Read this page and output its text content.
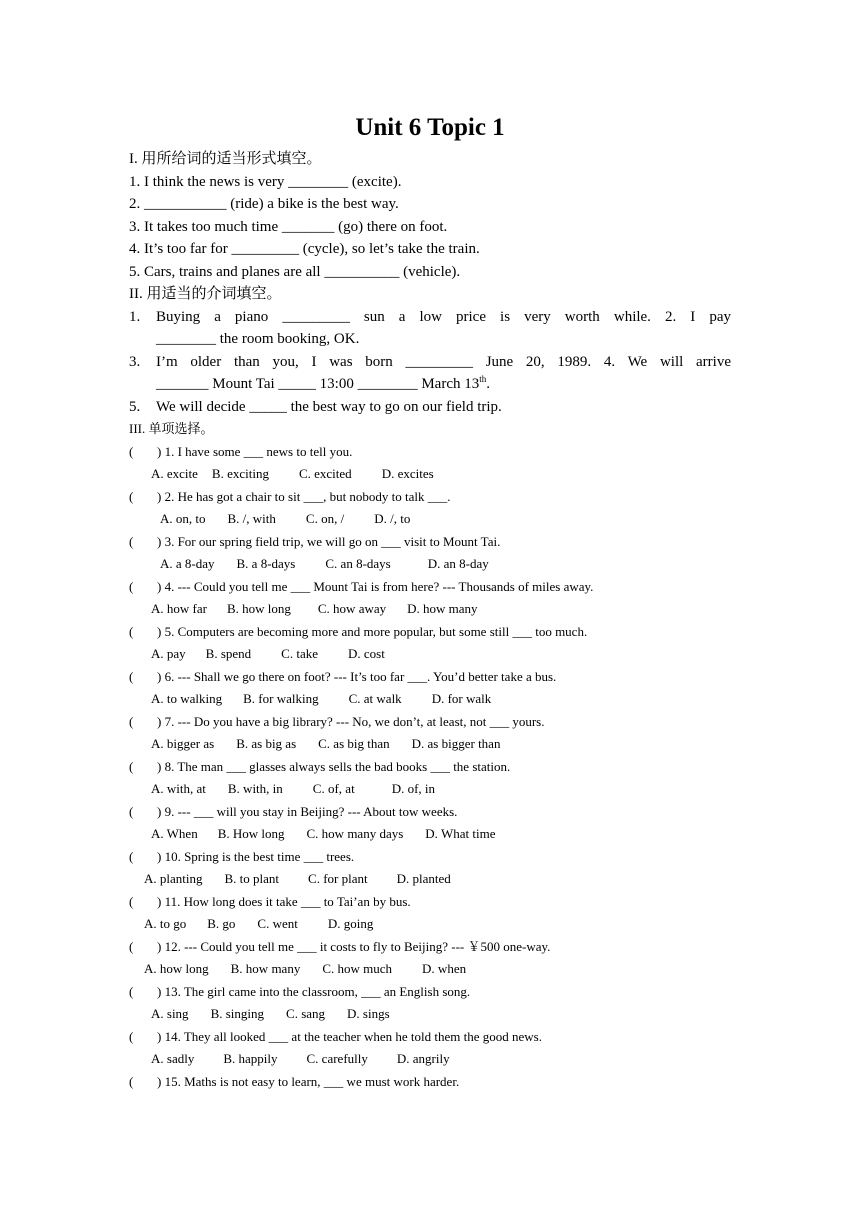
Unit 6 Topic 1
I. 用所给词的适当形式填空。
1. I think the news is very ________ (excite).
2. ___________ (ride) a bike is the best way.
3. It takes too much time _______ (go) there on foot.
4. It’s too far for _________ (cycle), so let’s take the train.
5. Cars, trains and planes are all __________ (vehicle).
II. 用适当的介词填空。
1.	Buying a piano _________ sun a low price is very worth while. 2. I pay
________ the room booking, OK.
3.	I’m older than you, I was born _________ June 20, 1989. 4. We will arrive
_______ Mount Tai _____ 13:00 ________ March 13th.
5.	We will decide _____ the best way to go on our field trip.
III. 单项选择。
( ) 1. I have some ___ news to tell you.
A. excite B. exciting C. excited D. excites
( ) 2. He has got a chair to sit ___, but nobody to talk ___.
A. on, to B. /, with C. on, / D. /, to
( ) 3. For our spring field trip, we will go on ___ visit to Mount Tai.
A. a 8-day B. a 8-days C. an 8-days	D. an 8-day
( ) 4. --- Could you tell me ___ Mount Tai is from here? --- Thousands of miles away.
A. how far B. how long C. how away D. how many
( ) 5. Computers are becoming more and more popular, but some still ___ too much.
A. pay B. spend C. take D. cost
( ) 6. --- Shall we go there on foot? --- It’s too far ___. You’d better take a bus.
A. to walking B. for walking C. at walk D. for walk
( ) 7. --- Do you have a big library? --- No, we don’t, at least, not ___ yours.
A. bigger as B. as big as C. as big than D. as bigger than
( ) 8. The man ___ glasses always sells the bad books ___ the station.
A. with, at B. with, in C. of, at	D. of, in
( ) 9. --- ___ will you stay in Beijing? --- About tow weeks.
A. When B. How long C. how many days D. What time
( ) 10. Spring is the best time ___ trees.
A. planting B. to plant C. for plant D. planted
( ) 11. How long does it take ___ to Tai’an by bus.
A. to go B. go C. went D. going
( ) 12. --- Could you tell me ___ it costs to fly to Beijing? --- ￥500 one-way.
A. how long B. how many C. how much D. when
( ) 13. The girl came into the classroom, ___ an English song.
A. sing B. singing C. sang D. sings
( ) 14. They all looked ___ at the teacher when he told them the good news.
A. sadly B. happily C. carefully D. angrily
( ) 15. Maths is not easy to learn, ___ we must work harder.
